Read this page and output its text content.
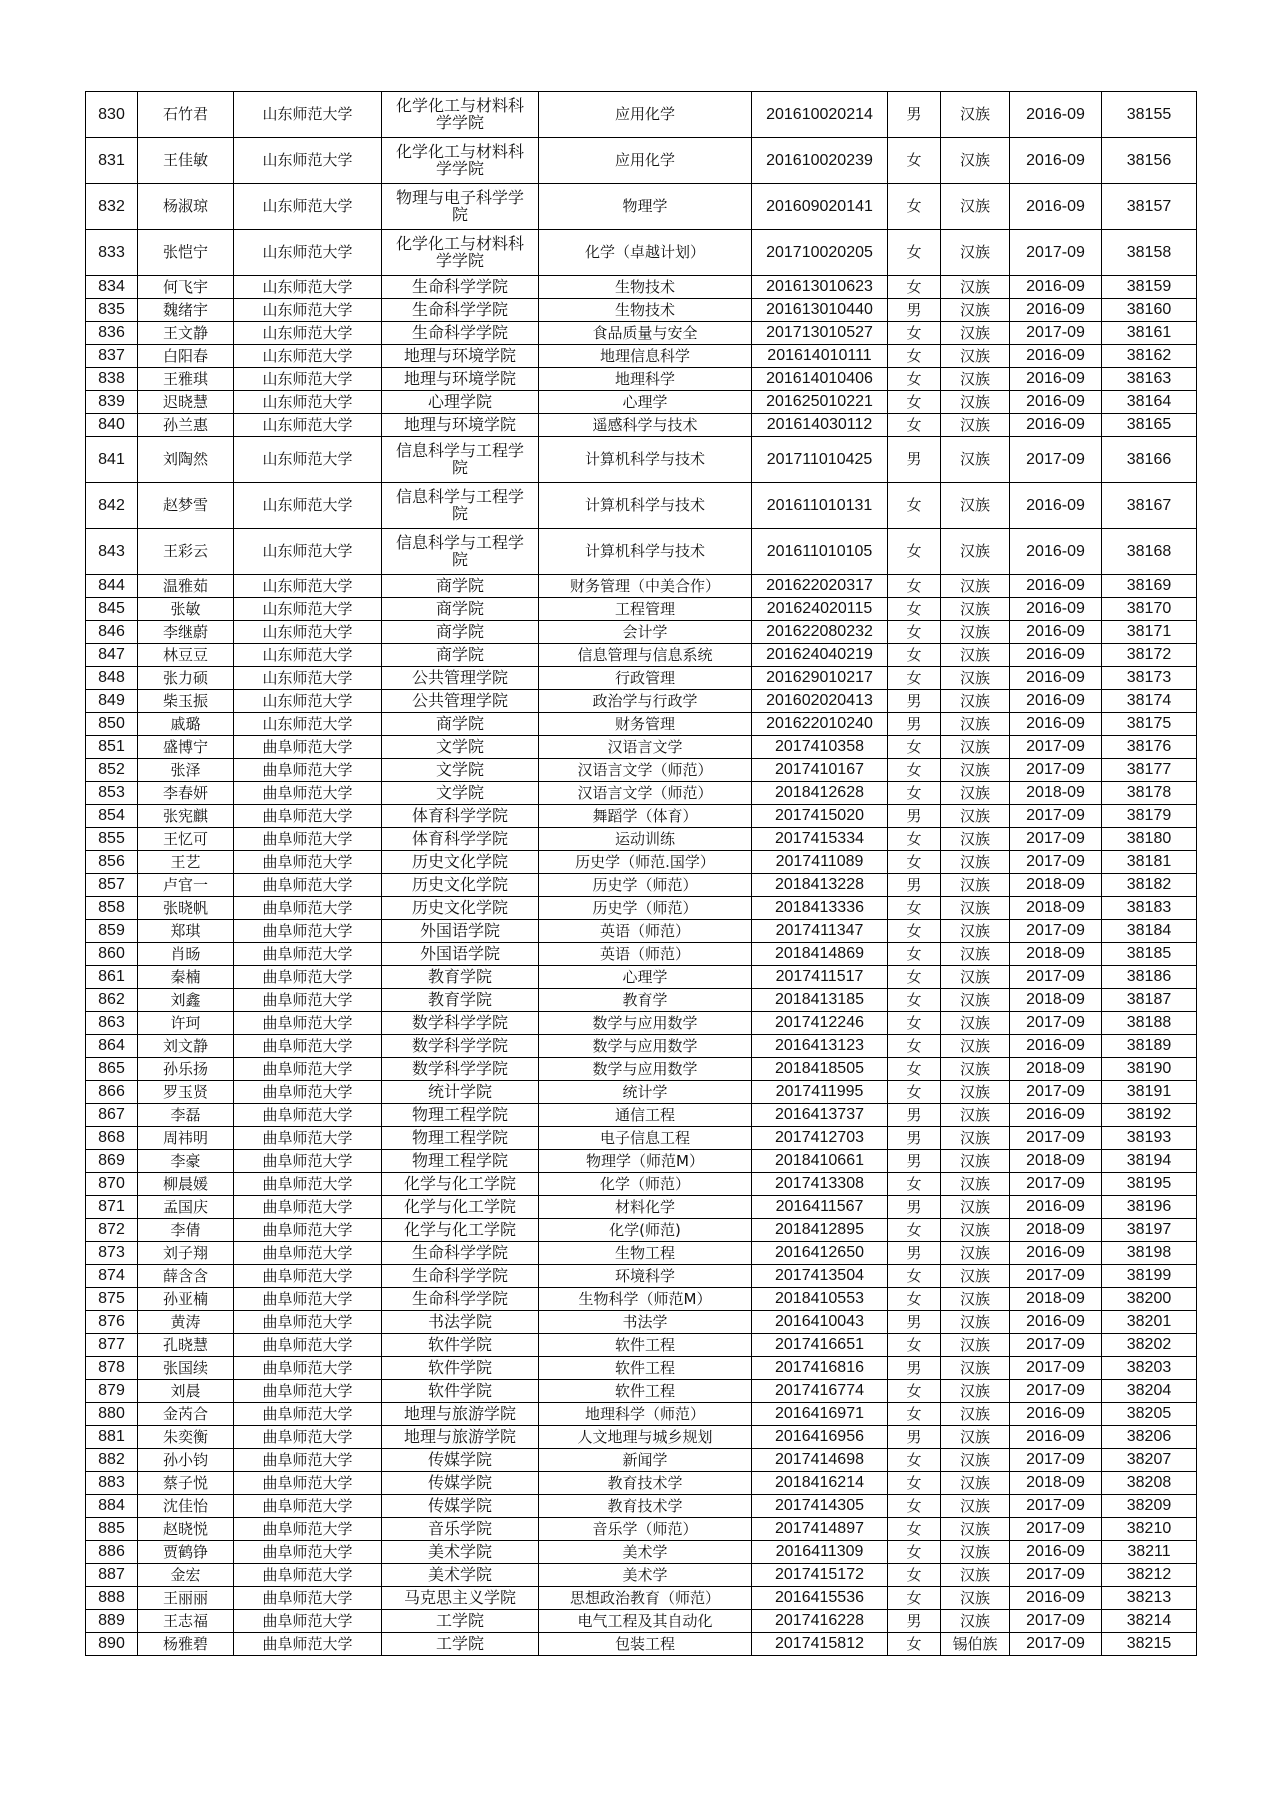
830	石竹君	山东师范大学	化学化工与材料科学学院	应用化学	201610020214	男	汉族	2016-09	38155
831	王佳敏	山东师范大学	化学化工与材料科学学院	应用化学	201610020239	女	汉族	2016-09	38156
832	杨淑琼	山东师范大学	物理与电子科学学院	物理学	201609020141	女	汉族	2016-09	38157
833	张恺宁	山东师范大学	化学化工与材料科学学院	化学（卓越计划）	201710020205	女	汉族	2017-09	38158
834	何飞宇	山东师范大学	生命科学学院	生物技术	201613010623	女	汉族	2016-09	38159
835	魏绪宇	山东师范大学	生命科学学院	生物技术	201613010440	男	汉族	2016-09	38160
836	王文静	山东师范大学	生命科学学院	食品质量与安全	201713010527	女	汉族	2017-09	38161
837	白阳春	山东师范大学	地理与环境学院	地理信息科学	201614010111	女	汉族	2016-09	38162
838	王雅琪	山东师范大学	地理与环境学院	地理科学	201614010406	女	汉族	2016-09	38163
839	迟晓慧	山东师范大学	心理学院	心理学	201625010221	女	汉族	2016-09	38164
840	孙兰惠	山东师范大学	地理与环境学院	遥感科学与技术	201614030112	女	汉族	2016-09	38165
841	刘陶然	山东师范大学	信息科学与工程学院	计算机科学与技术	201711010425	男	汉族	2017-09	38166
842	赵梦雪	山东师范大学	信息科学与工程学院	计算机科学与技术	201611010131	女	汉族	2016-09	38167
843	王彩云	山东师范大学	信息科学与工程学院	计算机科学与技术	201611010105	女	汉族	2016-09	38168
844	温雅茹	山东师范大学	商学院	财务管理（中美合作）	201622020317	女	汉族	2016-09	38169
845	张敏	山东师范大学	商学院	工程管理	201624020115	女	汉族	2016-09	38170
846	李继蔚	山东师范大学	商学院	会计学	201622080232	女	汉族	2016-09	38171
847	林豆豆	山东师范大学	商学院	信息管理与信息系统	201624040219	女	汉族	2016-09	38172
848	张力硕	山东师范大学	公共管理学院	行政管理	201629010217	女	汉族	2016-09	38173
849	柴玉振	山东师范大学	公共管理学院	政治学与行政学	201602020413	男	汉族	2016-09	38174
850	戚璐	山东师范大学	商学院	财务管理	201622010240	男	汉族	2016-09	38175
851	盛博宁	曲阜师范大学	文学院	汉语言文学	2017410358	女	汉族	2017-09	38176
852	张泽	曲阜师范大学	文学院	汉语言文学（师范）	2017410167	女	汉族	2017-09	38177
853	李春妍	曲阜师范大学	文学院	汉语言文学（师范）	2018412628	女	汉族	2018-09	38178
854	张宪麒	曲阜师范大学	体育科学学院	舞蹈学（体育）	2017415020	男	汉族	2017-09	38179
855	王忆可	曲阜师范大学	体育科学学院	运动训练	2017415334	女	汉族	2017-09	38180
856	王艺	曲阜师范大学	历史文化学院	历史学（师范.国学）	2017411089	女	汉族	2017-09	38181
857	卢官一	曲阜师范大学	历史文化学院	历史学（师范）	2018413228	男	汉族	2018-09	38182
858	张晓帆	曲阜师范大学	历史文化学院	历史学（师范）	2018413336	女	汉族	2018-09	38183
859	郑琪	曲阜师范大学	外国语学院	英语（师范）	2017411347	女	汉族	2017-09	38184
860	肖旸	曲阜师范大学	外国语学院	英语（师范）	2018414869	女	汉族	2018-09	38185
861	秦楠	曲阜师范大学	教育学院	心理学	2017411517	女	汉族	2017-09	38186
862	刘鑫	曲阜师范大学	教育学院	教育学	2018413185	女	汉族	2018-09	38187
863	许珂	曲阜师范大学	数学科学学院	数学与应用数学	2017412246	女	汉族	2017-09	38188
864	刘文静	曲阜师范大学	数学科学学院	数学与应用数学	2016413123	女	汉族	2016-09	38189
865	孙乐扬	曲阜师范大学	数学科学学院	数学与应用数学	2018418505	女	汉族	2018-09	38190
866	罗玉贤	曲阜师范大学	统计学院	统计学	2017411995	女	汉族	2017-09	38191
867	李磊	曲阜师范大学	物理工程学院	通信工程	2016413737	男	汉族	2016-09	38192
868	周祎明	曲阜师范大学	物理工程学院	电子信息工程	2017412703	男	汉族	2017-09	38193
869	李豪	曲阜师范大学	物理工程学院	物理学（师范M）	2018410661	男	汉族	2018-09	38194
870	柳晨媛	曲阜师范大学	化学与化工学院	化学（师范）	2017413308	女	汉族	2017-09	38195
871	孟国庆	曲阜师范大学	化学与化工学院	材料化学	2016411567	男	汉族	2016-09	38196
872	李倩	曲阜师范大学	化学与化工学院	化学(师范)	2018412895	女	汉族	2018-09	38197
873	刘子翔	曲阜师范大学	生命科学学院	生物工程	2016412650	男	汉族	2016-09	38198
874	薛含含	曲阜师范大学	生命科学学院	环境科学	2017413504	女	汉族	2017-09	38199
875	孙亚楠	曲阜师范大学	生命科学学院	生物科学（师范M）	2018410553	女	汉族	2018-09	38200
876	黄涛	曲阜师范大学	书法学院	书法学	2016410043	男	汉族	2016-09	38201
877	孔晓慧	曲阜师范大学	软件学院	软件工程	2017416651	女	汉族	2017-09	38202
878	张国续	曲阜师范大学	软件学院	软件工程	2017416816	男	汉族	2017-09	38203
879	刘晨	曲阜师范大学	软件学院	软件工程	2017416774	女	汉族	2017-09	38204
880	金芮合	曲阜师范大学	地理与旅游学院	地理科学（师范）	2016416971	女	汉族	2016-09	38205
881	朱奕衡	曲阜师范大学	地理与旅游学院	人文地理与城乡规划	2016416956	男	汉族	2016-09	38206
882	孙小钧	曲阜师范大学	传媒学院	新闻学	2017414698	女	汉族	2017-09	38207
883	蔡子悦	曲阜师范大学	传媒学院	教育技术学	2018416214	女	汉族	2018-09	38208
884	沈佳怡	曲阜师范大学	传媒学院	教育技术学	2017414305	女	汉族	2017-09	38209
885	赵晓悦	曲阜师范大学	音乐学院	音乐学（师范）	2017414897	女	汉族	2017-09	38210
886	贾鹤铮	曲阜师范大学	美术学院	美术学	2016411309	女	汉族	2016-09	38211
887	金宏	曲阜师范大学	美术学院	美术学	2017415172	女	汉族	2017-09	38212
888	王丽丽	曲阜师范大学	马克思主义学院	思想政治教育（师范）	2016415536	女	汉族	2016-09	38213
889	王志福	曲阜师范大学	工学院	电气工程及其自动化	2017416228	男	汉族	2017-09	38214
890	杨雅碧	曲阜师范大学	工学院	包装工程	2017415812	女	锡伯族	2017-09	38215
